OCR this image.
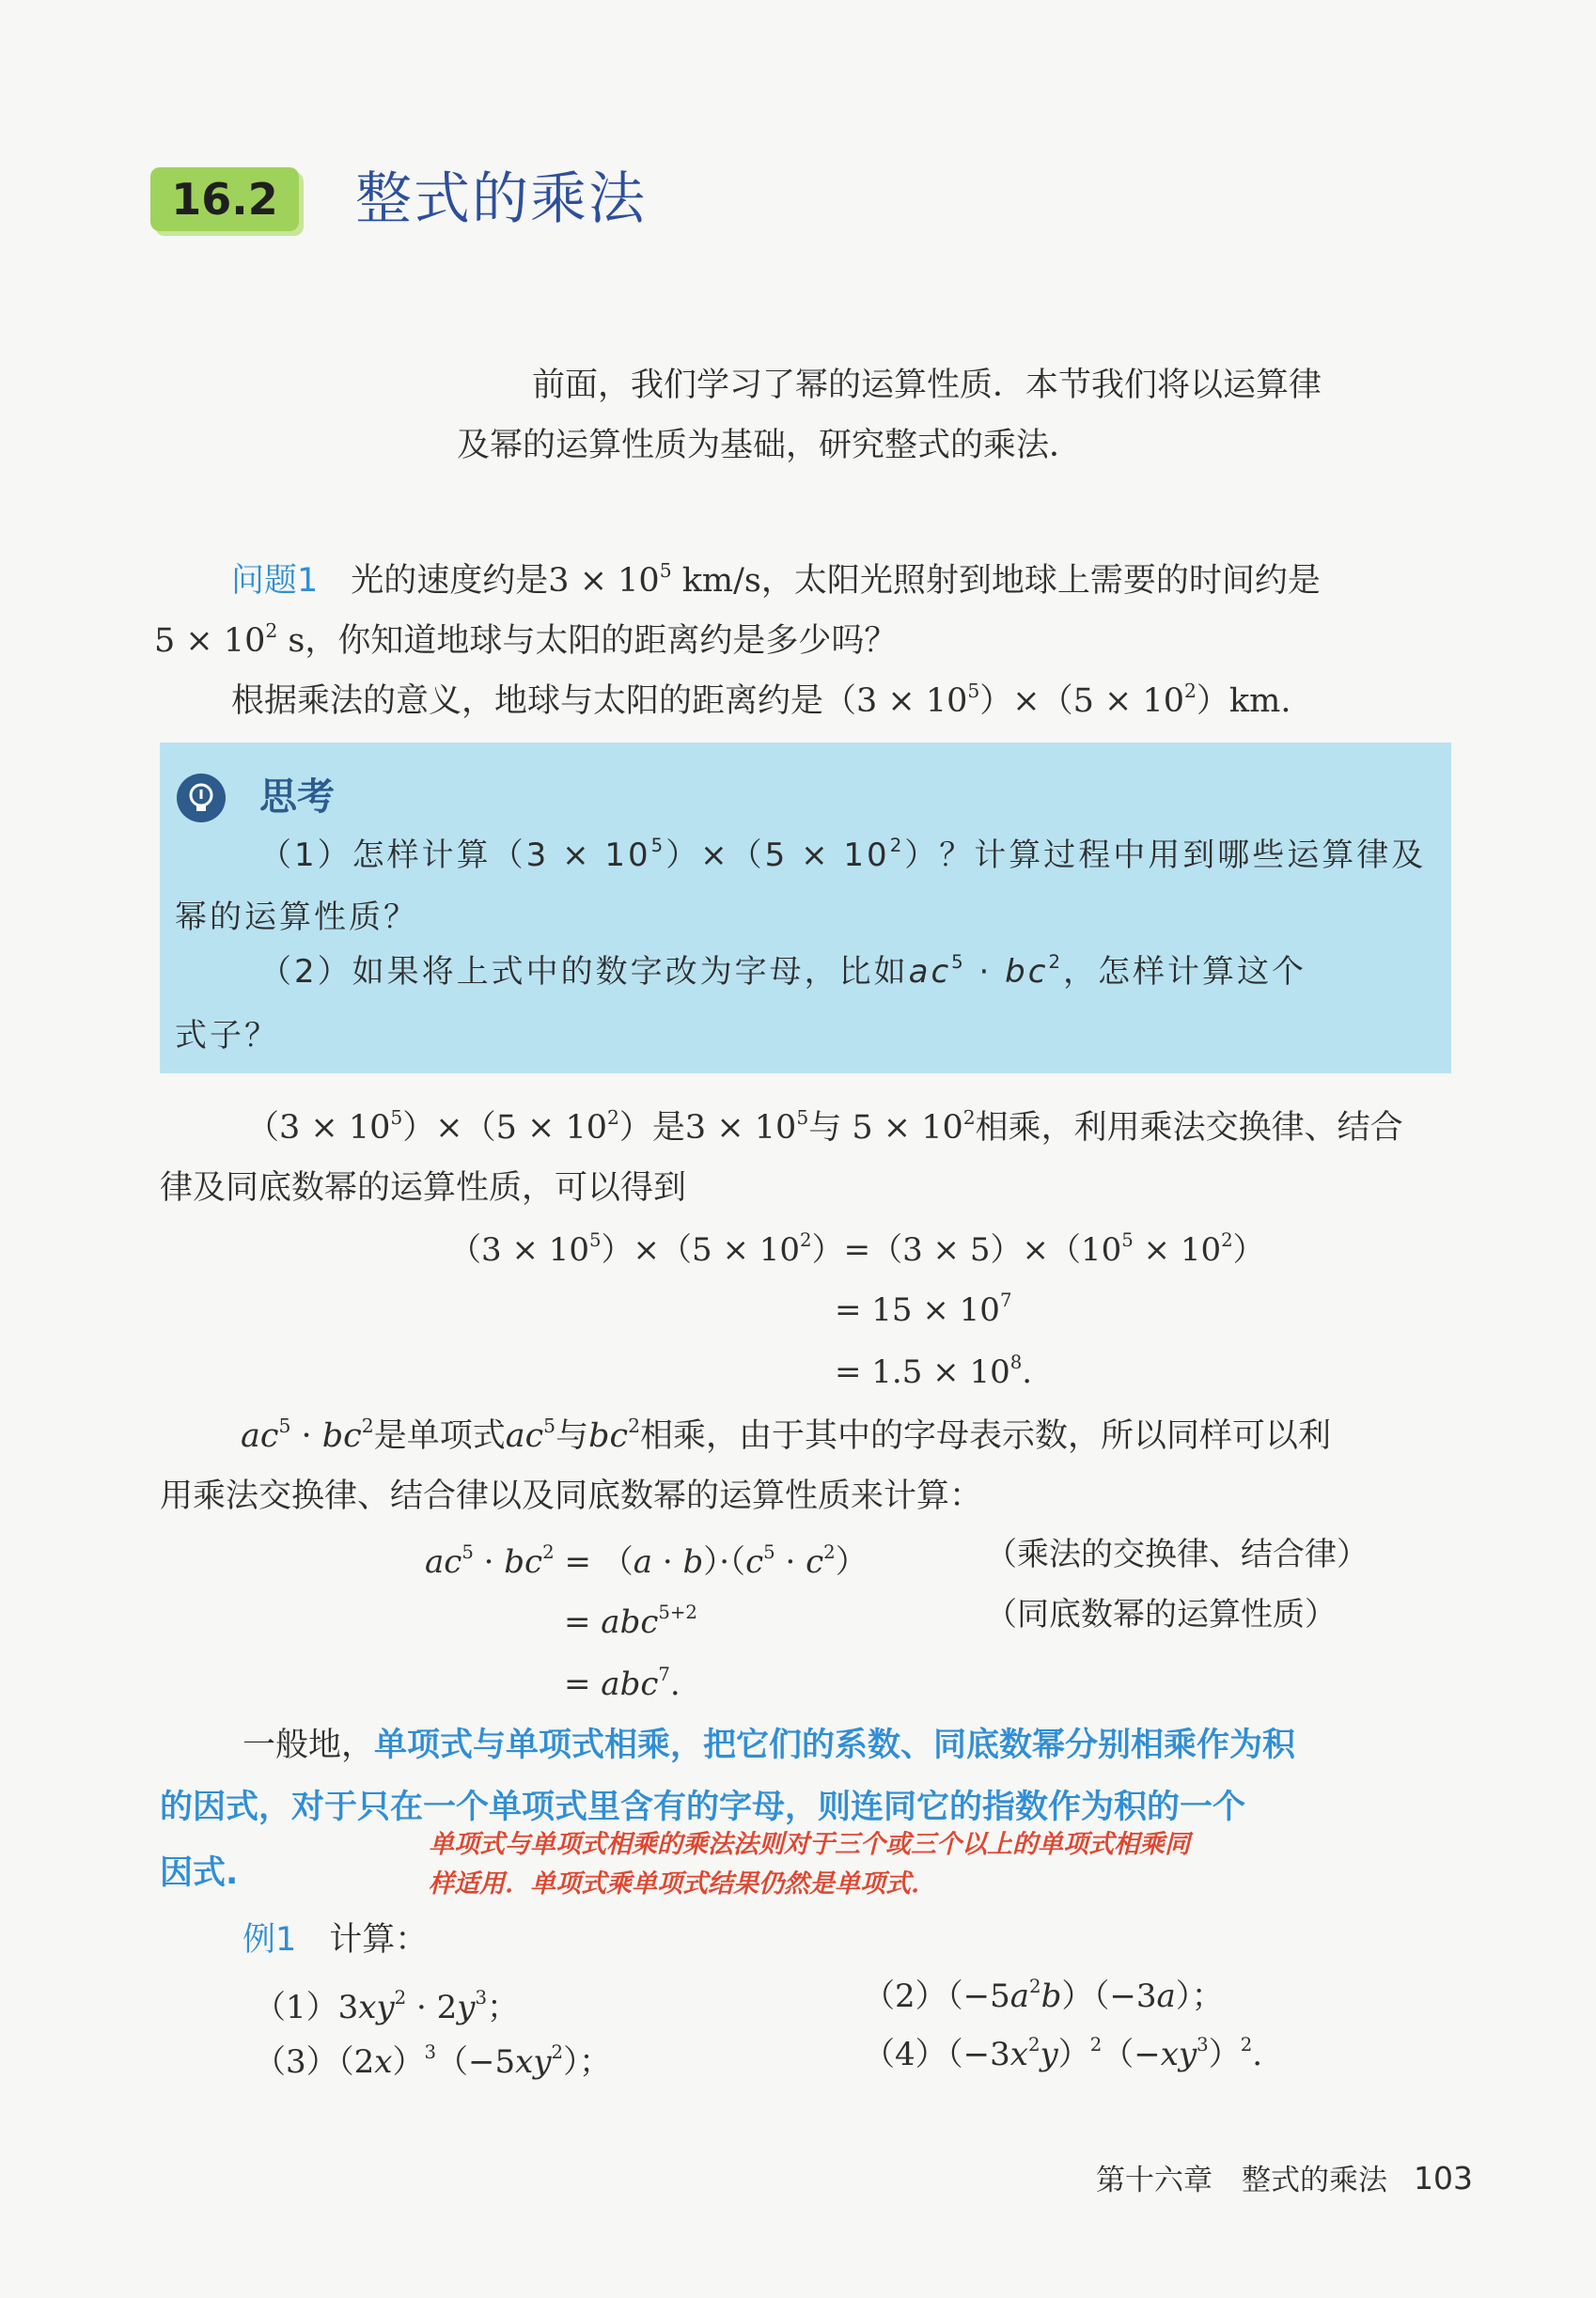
16.2	整式的乘法
前面，我们学习了幂的运算性质．本节我们将以运算律
及幂的运算性质为基础，研究整式的乘法．
问题1　 光的速度约是$3 \times 10^5$ km/s，太阳光照射到地球上需要的时间约是
$5 \times 10^2$ s，你知道地球与太阳的距离约是多少吗？
根据乘法的意义，地球与太阳的距离约是$(3 \times 10^5)\times(5 \times 10^2)km$.
思考
（1）怎样计算$(3 \times 10^5)\times(5 \times 10^2)$？计算过程中用到哪些运算律及
幂的运算性质？
（2）如果将上式中的数字改为字母，比如$ac^5 \cdot bc^2$，怎样计算这个
式子？
$(3 \times 10^5)\times(5 \times 10^2)$是$3 \times 10^5$与 $5 \times 10^2$相乘，利用乘法交换律、结合
律及同底数幂的运算性质，可以得到
$(3 \times 10^5)\times(5 \times 10^2)=(3 \times 5)\times(10^5 \times 10^2)$
= $15 \times 10^7$
= $1.5 \times 10^8$.
$ac^5 \cdot bc^2$是单项式$ac^5$与$bc^2$相乘，由于其中的字母表示数，所以同样可以利
用乘法交换律、结合律以及同底数幂的运算性质来计算：
$ac^5 \cdot bc^2 = (a \cdot b)\cdot(c^5 \cdot c^2)$	（乘法的交换律、结合律）
= abc$^{5+2}$	（同底数幂的运算性质）
= abc$^7$.
一般地，单项式与单项式相乘，把它们的系数、同底数幂分别相乘作为积
的因式，对于只在一个单项式里含有的字母，则连同它的指数作为积的一个
因式.
单项式与单项式相乘的乘法法则对于三个或三个以上的单项式相乘同
样适用．单项式乘单项式结果仍然是单项式．
例1　 计算：
$(1)3xy^2 \cdot 2y^3$；	$(2)(-5a^2b)(-3a)$；
$(3)(2x)^3(-5xy^2)$；	$(4)(-3x^2y)^2(-xy^3)^2$.
第十六章　整式的乘法 103
